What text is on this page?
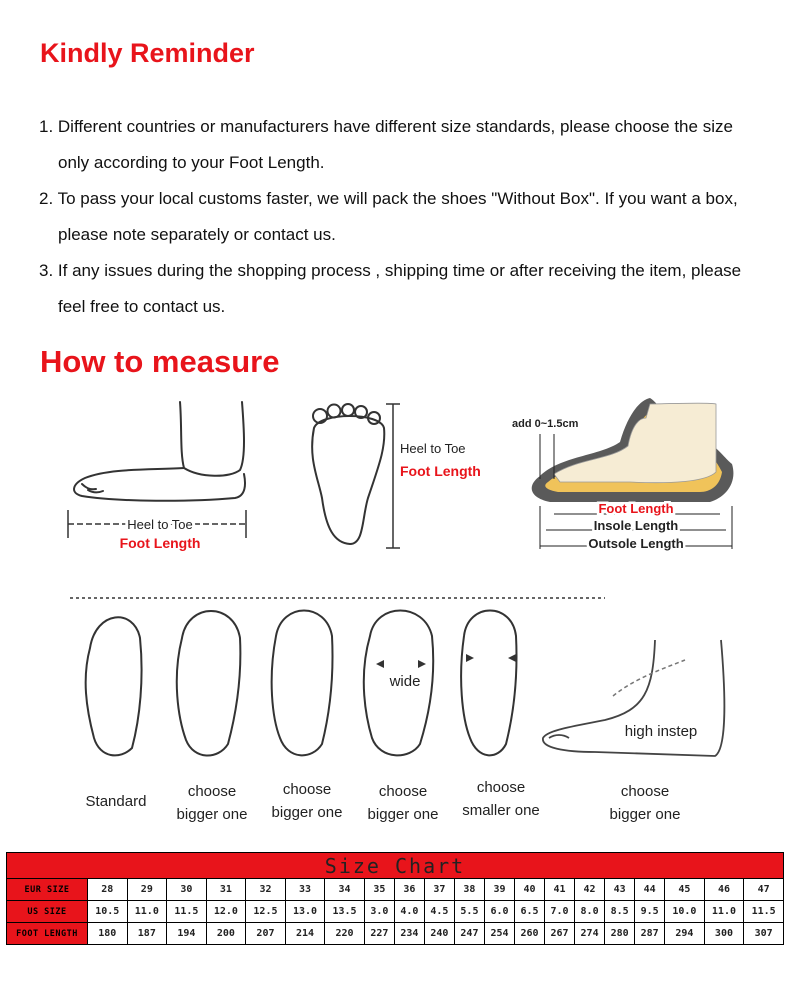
Kindly Reminder
1. Different countries or manufacturers have different size standards, please choose the size
only according to your Foot Length.
2. To pass your local customs faster, we will pack the shoes "Without Box". If you want a box,
please note separately or contact us.
3. If any issues during the shopping process , shipping time or after receiving the item, please
feel free to contact us.
How to measure
Heel to Toe
Foot Length
Heel to Toe
Foot Length
add 0~1.5cm
Foot Length
Insole Length
Outsole Length
wide
Standard
choose
bigger one
choose
bigger one
choose
bigger one
choose
smaller one
high instep
choose
bigger one
Size Chart																				
EUR SIZE	28	29	30	31	32	33	34	35	36	37	38	39	40	41	42	43	44	45	46	47
US SIZE	10.5	11.0	11.5	12.0	12.5	13.0	13.5	3.0	4.0	4.5	5.5	6.0	6.5	7.0	8.0	8.5	9.5	10.0	11.0	11.5
FOOT LENGTH	180	187	194	200	207	214	220	227	234	240	247	254	260	267	274	280	287	294	300	307
